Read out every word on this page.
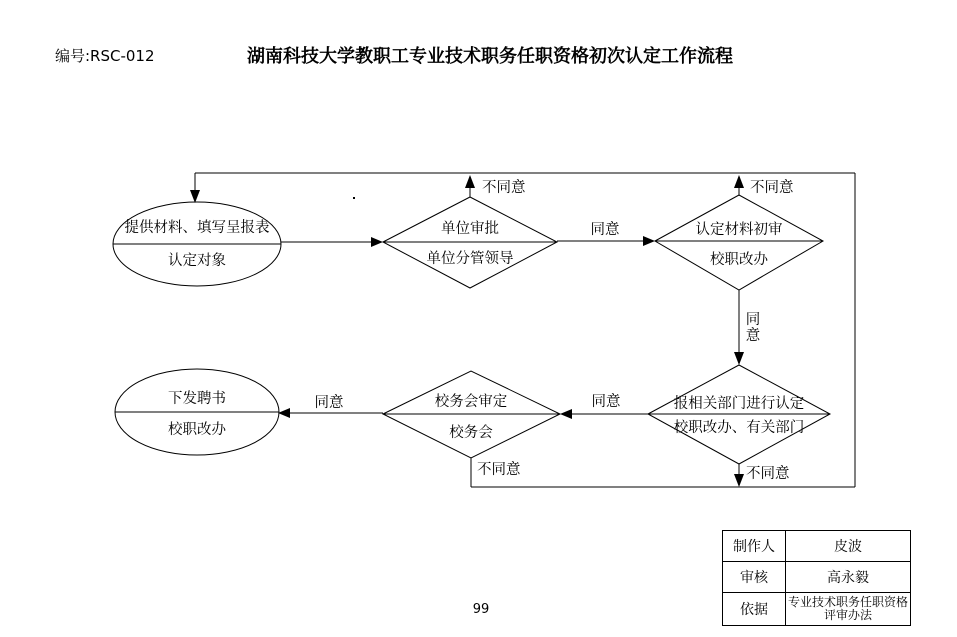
编号:RSC-012	湖南科技大学教职工专业技术职务任职资格初次认定工作流程
提供材料、填写呈报表
认定对象
单位审批
单位分管领导
认定材料初审
校职改办
报相关部门进行认定
校职改办、有关部门
校务会审定
校务会
下发聘书
校职改办
同意
同意
同意
同意
不同意	不同意
不同意	不同意
制作人	皮波
审核	高永毅
依据	专业技术职务任职资格评审办法
99
